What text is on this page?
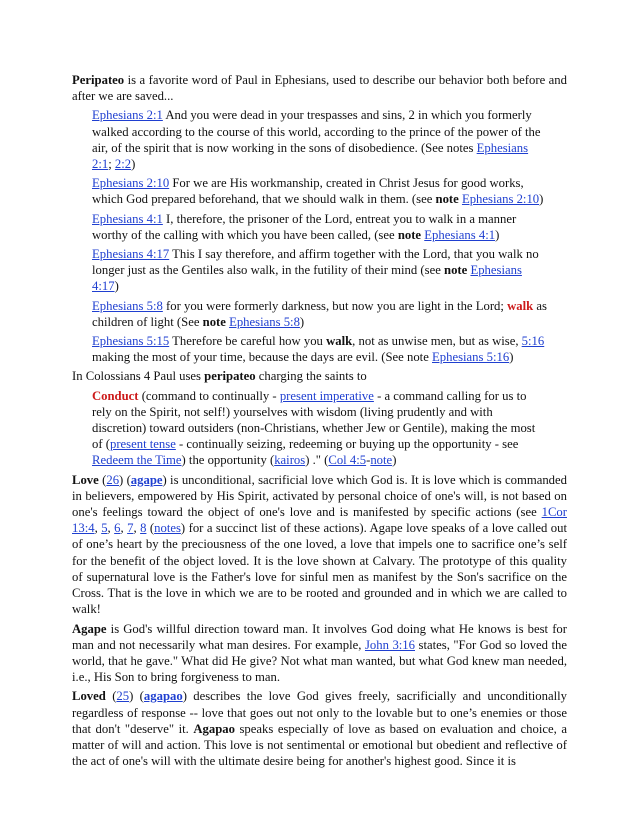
Peripateo is a favorite word of Paul in Ephesians, used to describe our behavior both before and after we are saved...

Ephesians 2:1 And you were dead in your trespasses and sins, 2 in which you formerly walked according to the course of this world, according to the prince of the power of the air, of the spirit that is now working in the sons of disobedience. (See notes Ephesians 2:1; 2:2)

Ephesians 2:10 For we are His workmanship, created in Christ Jesus for good works, which God prepared beforehand, that we should walk in them. (see note Ephesians 2:10)

Ephesians 4:1 I, therefore, the prisoner of the Lord, entreat you to walk in a manner worthy of the calling with which you have been called, (see note Ephesians 4:1)

Ephesians 4:17 This I say therefore, and affirm together with the Lord, that you walk no longer just as the Gentiles also walk, in the futility of their mind (see note Ephesians 4:17)

Ephesians 5:8 for you were formerly darkness, but now you are light in the Lord; walk as children of light (See note Ephesians 5:8)

Ephesians 5:15 Therefore be careful how you walk, not as unwise men, but as wise, 5:16 making the most of your time, because the days are evil. (See note Ephesians 5:16)

In Colossians 4 Paul uses peripateo charging the saints to

Conduct (command to continually - present imperative - a command calling for us to rely on the Spirit, not self!) yourselves with wisdom (living prudently and with discretion) toward outsiders (non-Christians, whether Jew or Gentile), making the most of (present tense - continually seizing, redeeming or buying up the opportunity - see Redeem the Time) the opportunity (kairos) ." (Col 4:5-note)

Love (26) (agape) is unconditional, sacrificial love which God is. It is love which is commanded in believers, empowered by His Spirit, activated by personal choice of one's will, is not based on one's feelings toward the object of one's love and is manifested by specific actions (see 1Cor 13:4, 5, 6, 7, 8 (notes) for a succinct list of these actions). Agape love speaks of a love called out of one’s heart by the preciousness of the one loved, a love that impels one to sacrifice one’s self for the benefit of the object loved. It is the love shown at Calvary. The prototype of this quality of supernatural love is the Father's love for sinful men as manifest by the Son's sacrifice on the Cross. That is the love in which we are to be rooted and grounded and in which we are called to walk!

Agape is God's willful direction toward man. It involves God doing what He knows is best for man and not necessarily what man desires. For example, John 3:16 states, "For God so loved the world, that he gave." What did He give? Not what man wanted, but what God knew man needed, i.e., His Son to bring forgiveness to man.

Loved (25) (agapao) describes the love God gives freely, sacrificially and unconditionally regardless of response -- love that goes out not only to the lovable but to one’s enemies or those that don't "deserve" it. Agapao speaks especially of love as based on evaluation and choice, a matter of will and action. This love is not sentimental or emotional but obedient and reflective of the act of one's will with the ultimate desire being for another's highest good. Since it is
